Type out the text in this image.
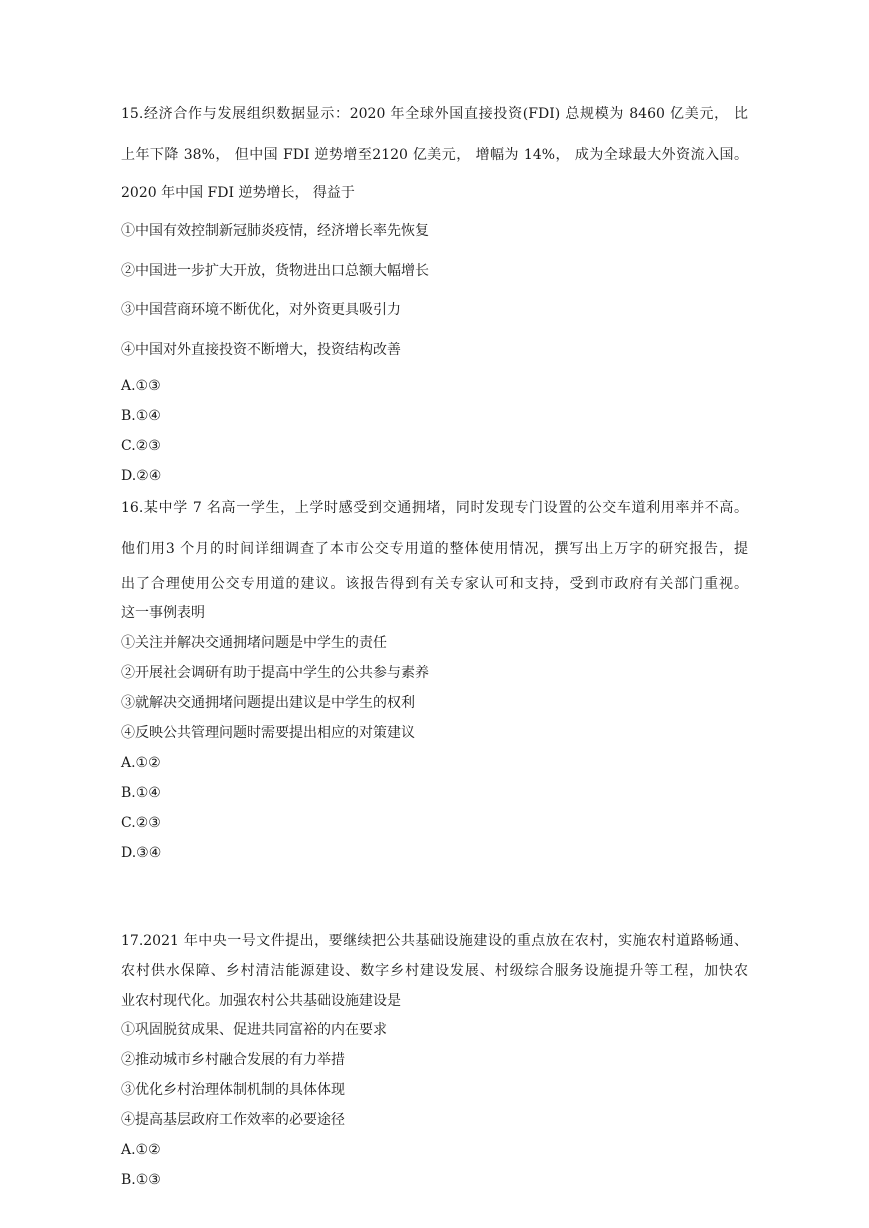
15.经济合作与发展组织数据显示：2020 年全球外国直接投资(FDI) 总规模为 8460 亿美元， 比
上年下降 38%， 但中国 FDI 逆势增至2120 亿美元， 增幅为 14%， 成为全球最大外资流入国。
2020 年中国 FDI 逆势增长， 得益于
①中国有效控制新冠肺炎疫情，经济增长率先恢复
②中国进一步扩大开放，货物进出口总额大幅增长
③中国营商环境不断优化，对外资更具吸引力
④中国对外直接投资不断增大，投资结构改善
A.①③
B.①④
C.②③
D.②④
16.某中学 7 名高一学生，上学时感受到交通拥堵，同时发现专门设置的公交车道利用率并不高。
他们用3 个月的时间详细调查了本市公交专用道的整体使用情况，撰写出上万字的研究报告，提
出了合理使用公交专用道的建议。该报告得到有关专家认可和支持，受到市政府有关部门重视。
这一事例表明
①关注并解决交通拥堵问题是中学生的责任
②开展社会调研有助于提高中学生的公共参与素养
③就解决交通拥堵问题提出建议是中学生的权利
④反映公共管理问题时需要提出相应的对策建议
A.①②
B.①④
C.②③
D.③④
17.2021 年中央一号文件提出，要继续把公共基础设施建设的重点放在农村，实施农村道路畅通、
农村供水保障、乡村清洁能源建设、数字乡村建设发展、村级综合服务设施提升等工程，加快农
业农村现代化。加强农村公共基础设施建设是
①巩固脱贫成果、促进共同富裕的内在要求
②推动城市乡村融合发展的有力举措
③优化乡村治理体制机制的具体体现
④提高基层政府工作效率的必要途径
A.①②
B.①③
